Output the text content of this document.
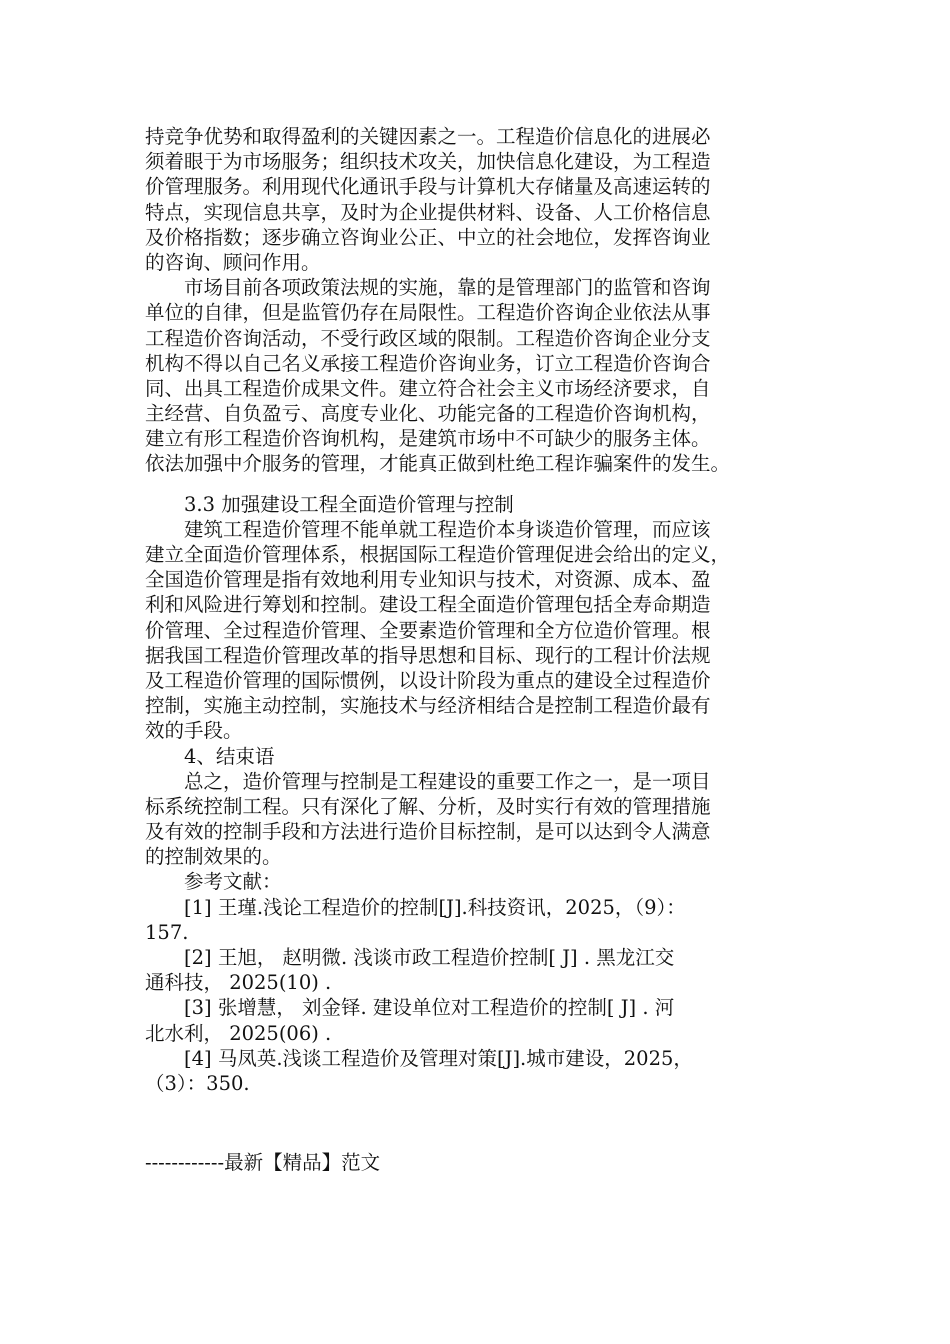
持竞争优势和取得盈利的关键因素之一。工程造价信息化的进展必
须着眼于为市场服务；组织技术攻关，加快信息化建设，为工程造
价管理服务。利用现代化通讯手段与计算机大存储量及高速运转的
特点，实现信息共享，及时为企业提供材料、设备、人工价格信息
及价格指数；逐步确立咨询业公正、中立的社会地位，发挥咨询业
的咨询、顾问作用。
市场目前各项政策法规的实施，靠的是管理部门的监管和咨询
单位的自律，但是监管仍存在局限性。工程造价咨询企业依法从事
工程造价咨询活动，不受行政区域的限制。工程造价咨询企业分支
机构不得以自己名义承接工程造价咨询业务，订立工程造价咨询合
同、出具工程造价成果文件。建立符合社会主义市场经济要求，自
主经营、自负盈亏、高度专业化、功能完备的工程造价咨询机构，
建立有形工程造价咨询机构，是建筑市场中不可缺少的服务主体。
依法加强中介服务的管理，才能真正做到杜绝工程诈骗案件的发生。
3.3 加强建设工程全面造价管理与控制
建筑工程造价管理不能单就工程造价本身谈造价管理，而应该
建立全面造价管理体系，根据国际工程造价管理促进会给出的定义，
全国造价管理是指有效地利用专业知识与技术，对资源、成本、盈
利和风险进行筹划和控制。建设工程全面造价管理包括全寿命期造
价管理、全过程造价管理、全要素造价管理和全方位造价管理。根
据我国工程造价管理改革的指导思想和目标、现行的工程计价法规
及工程造价管理的国际惯例，以设计阶段为重点的建设全过程造价
控制，实施主动控制，实施技术与经济相结合是控制工程造价最有
效的手段。
4、结束语
总之，造价管理与控制是工程建设的重要工作之一，是一项目
标系统控制工程。只有深化了解、分析，及时实行有效的管理措施
及有效的控制手段和方法进行造价目标控制，是可以达到令人满意
的控制效果的。
参考文献：
[1] 王瑾.浅论工程造价的控制[J].科技资讯，2025，（9）：
157.
[2] 王旭， 赵明微. 浅谈市政工程造价控制[ J] . 黑龙江交
通科技， 2025(10) .
[3] 张增慧， 刘金铎. 建设单位对工程造价的控制[ J] . 河
北水利， 2025(06) .
[4] 马凤英.浅谈工程造价及管理对策[J].城市建设，2025，
（3）：350.
------------最新【精品】范文
